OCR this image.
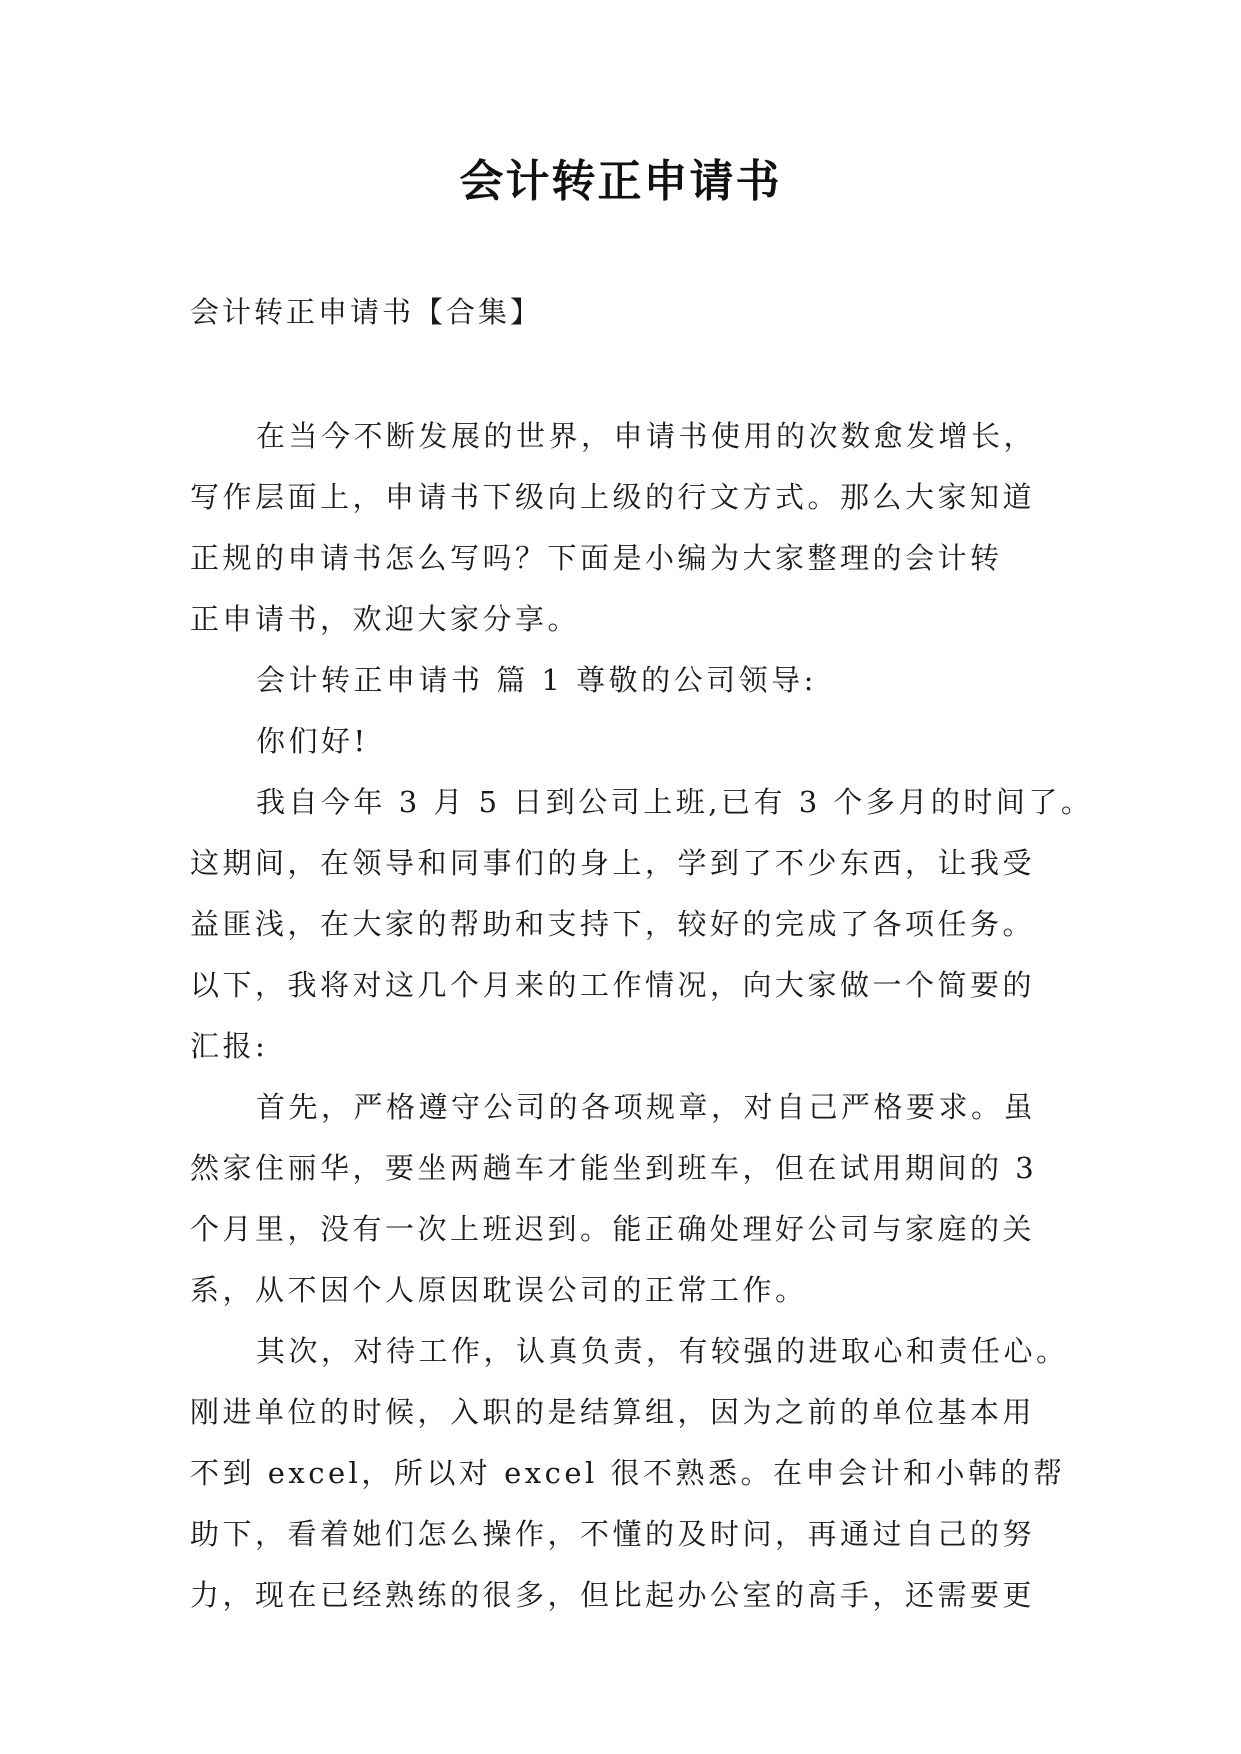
会计转正申请书
会计转正申请书【合集】
在当今不断发展的世界，申请书使用的次数愈发增长，
写作层面上，申请书下级向上级的行文方式。那么大家知道
正规的申请书怎么写吗？下面是小编为大家整理的会计转
正申请书，欢迎大家分享。
会计转正申请书 篇 1 尊敬的公司领导:
你们好!
我自今年 3 月 5 日到公司上班,已有 3 个多月的时间了。
这期间，在领导和同事们的身上，学到了不少东西，让我受
益匪浅，在大家的帮助和支持下，较好的完成了各项任务。
以下，我将对这几个月来的工作情况，向大家做一个简要的
汇报:
首先，严格遵守公司的各项规章，对自己严格要求。虽
然家住丽华，要坐两趟车才能坐到班车，但在试用期间的 3
个月里，没有一次上班迟到。能正确处理好公司与家庭的关
系，从不因个人原因耽误公司的正常工作。
其次，对待工作，认真负责，有较强的进取心和责任心。
刚进单位的时候，入职的是结算组，因为之前的单位基本用
不到 excel，所以对 excel 很不熟悉。在申会计和小韩的帮
助下，看着她们怎么操作，不懂的及时问，再通过自己的努
力，现在已经熟练的很多，但比起办公室的高手，还需要更
